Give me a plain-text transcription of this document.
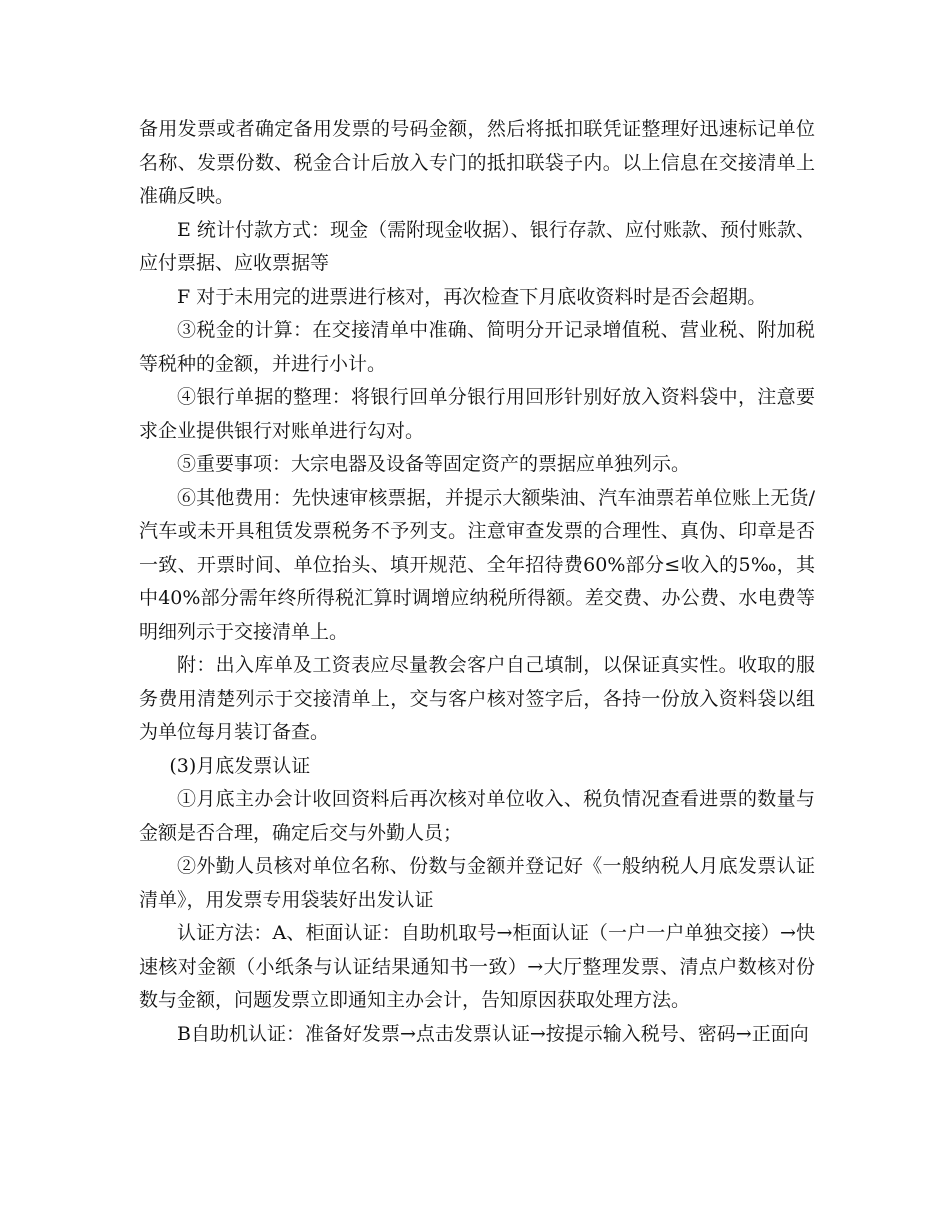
备用发票或者确定备用发票的号码金额，然后将抵扣联凭证整理好迅速标记单位名称、发票份数、税金合计后放入专门的抵扣联袋子内。以上信息在交接清单上准确反映。

E 统计付款方式：现金（需附现金收据）、银行存款、应付账款、预付账款、应付票据、应收票据等

F 对于未用完的进票进行核对，再次检查下月底收资料时是否会超期。

③税金的计算：在交接清单中准确、简明分开记录增值税、营业税、附加税等税种的金额，并进行小计。

④银行单据的整理：将银行回单分银行用回形针别好放入资料袋中，注意要求企业提供银行对账单进行勾对。

⑤重要事项：大宗电器及设备等固定资产的票据应单独列示。

⑥其他费用：先快速审核票据，并提示大额柴油、汽车油票若单位账上无货/汽车或未开具租赁发票税务不予列支。注意审查发票的合理性、真伪、印章是否一致、开票时间、单位抬头、填开规范、全年招待费60%部分≤收入的5‰，其中40%部分需年终所得税汇算时调增应纳税所得额。差交费、办公费、水电费等明细列示于交接清单上。

附：出入库单及工资表应尽量教会客户自己填制，以保证真实性。收取的服务费用清楚列示于交接清单上，交与客户核对签字后，各持一份放入资料袋以组为单位每月装订备查。

(3)月底发票认证

①月底主办会计收回资料后再次核对单位收入、税负情况查看进票的数量与金额是否合理，确定后交与外勤人员；

②外勤人员核对单位名称、份数与金额并登记好《一般纳税人月底发票认证清单》，用发票专用袋装好出发认证

认证方法：A、柜面认证：自助机取号→柜面认证（一户一户单独交接）→快速核对金额（小纸条与认证结果通知书一致）→大厅整理发票、清点户数核对份数与金额，问题发票立即通知主办会计，告知原因获取处理方法。

B自助机认证：准备好发票→点击发票认证→按提示输入税号、密码→正面向
